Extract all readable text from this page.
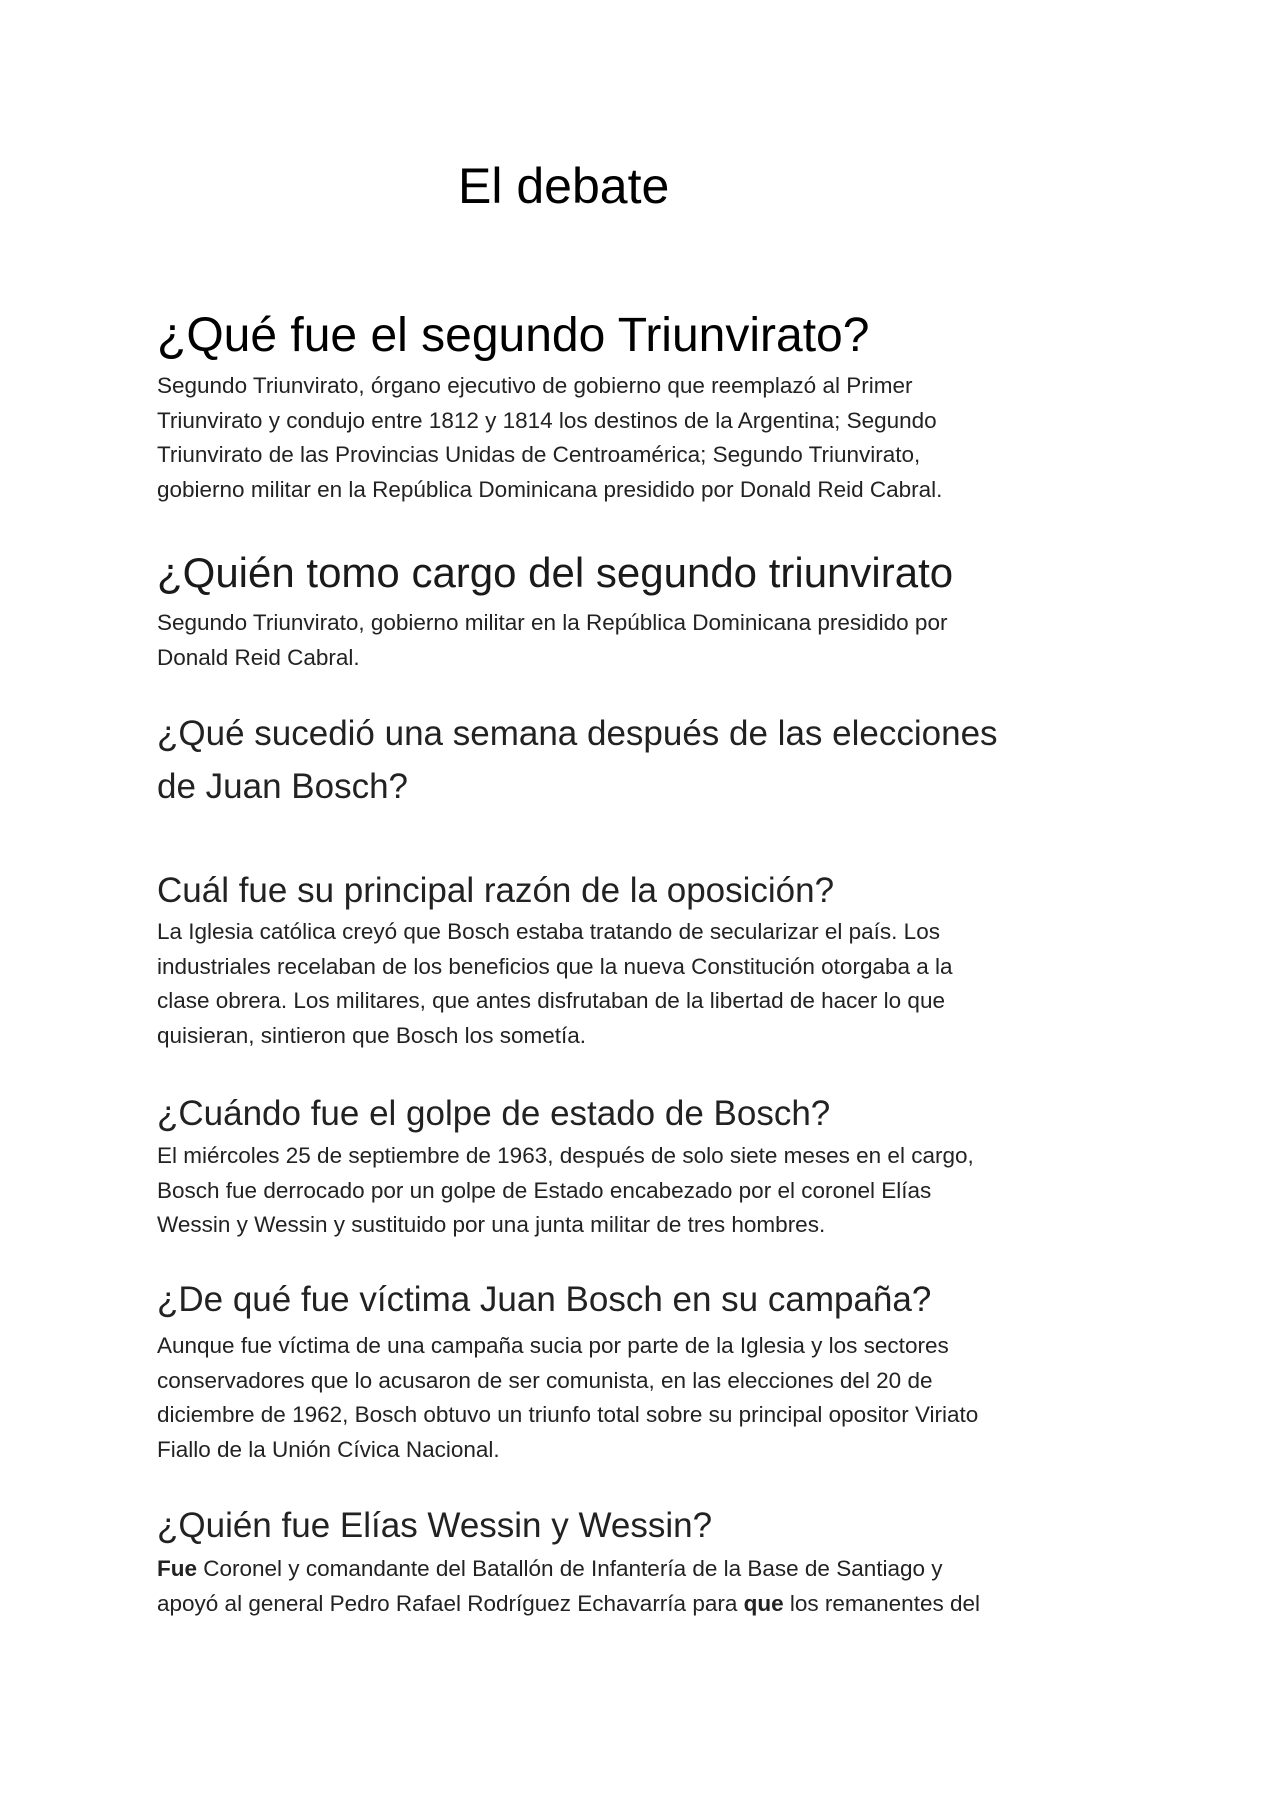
El debate
¿Qué fue el segundo Triunvirato?

Segundo Triunvirato, órgano ejecutivo de gobierno que reemplazó al Primer

Triunvirato y condujo entre 1812 y 1814 los destinos de la Argentina; Segundo

Triunvirato de las Provincias Unidas de Centroamérica; Segundo Triunvirato,

gobierno militar en la República Dominicana presidido por Donald Reid Cabral.

¿Quién tomo cargo del segundo triunvirato

Segundo Triunvirato, gobierno militar en la República Dominicana presidido por

Donald Reid Cabral.

¿Qué sucedió una semana después de las elecciones
de Juan Bosch?
Cuál fue su principal razón de la oposición?

La Iglesia católica creyó que Bosch estaba tratando de secularizar el país. Los

industriales recelaban de los beneficios que la nueva Constitución otorgaba a la

clase obrera. Los militares, que antes disfrutaban de la libertad de hacer lo que

quisieran, sintieron que Bosch los sometía.

¿Cuándo fue el golpe de estado de Bosch?

El miércoles 25 de septiembre de 1963, después de solo siete meses en el cargo,

Bosch fue derrocado por un golpe de Estado encabezado por el coronel Elías

Wessin y Wessin y sustituido por una junta militar de tres hombres.

¿De qué fue víctima Juan Bosch en su campaña?

Aunque fue víctima de una campaña sucia por parte de la Iglesia y los sectores

conservadores que lo acusaron de ser comunista, en las elecciones del 20 de

diciembre de 1962, Bosch obtuvo un triunfo total sobre su principal opositor Viriato

Fiallo de la Unión Cívica Nacional.

¿Quién fue Elías Wessin y Wessin?

Fue Coronel y comandante del Batallón de Infantería de la Base de Santiago y

apoyó al general Pedro Rafael Rodríguez Echavarría para que los remanentes del
